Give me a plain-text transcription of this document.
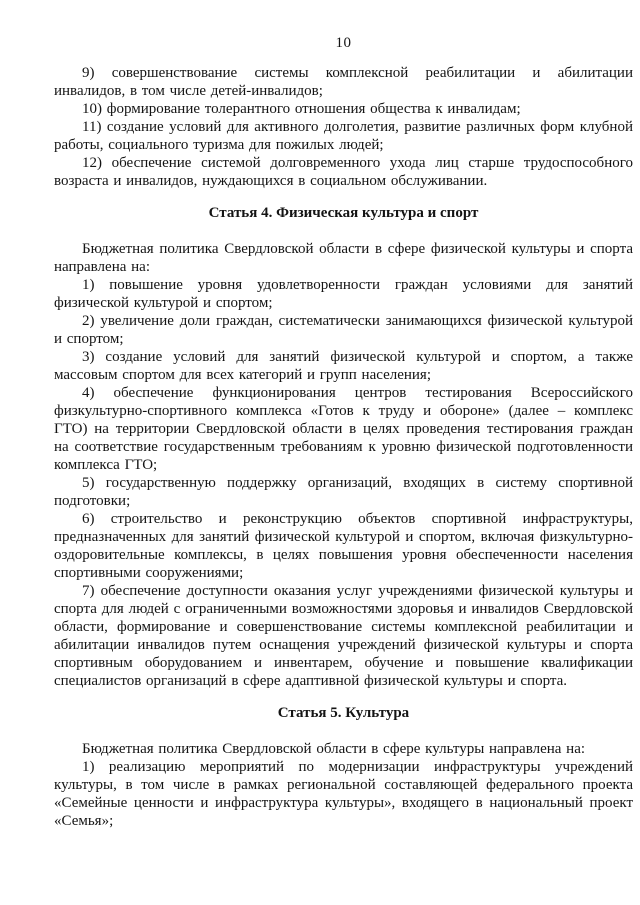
10

9) совершенствование системы комплексной реабилитации и абилитации инвалидов, в том числе детей-инвалидов;

10) формирование толерантного отношения общества к инвалидам;

11) создание условий для активного долголетия, развитие различных форм клубной работы, социального туризма для пожилых людей;

12) обеспечение системой долговременного ухода лиц старше трудоспособного возраста и инвалидов, нуждающихся в социальном обслуживании.

Статья 4. Физическая культура и спорт

Бюджетная политика Свердловской области в сфере физической культуры и спорта направлена на:

1) повышение уровня удовлетворенности граждан условиями для занятий физической культурой и спортом;

2) увеличение доли граждан, систематически занимающихся физической культурой и спортом;

3) создание условий для занятий физической культурой и спортом, а также массовым спортом для всех категорий и групп населения;

4) обеспечение функционирования центров тестирования Всероссийского физкультурно-спортивного комплекса «Готов к труду и обороне» (далее – комплекс ГТО) на территории Свердловской области в целях проведения тестирования граждан на соответствие государственным требованиям к уровню физической подготовленности комплекса ГТО;

5) государственную поддержку организаций, входящих в систему спортивной подготовки;

6) строительство и реконструкцию объектов спортивной инфраструктуры, предназначенных для занятий физической культурой и спортом, включая физкультурно-оздоровительные комплексы, в целях повышения уровня обеспеченности населения спортивными сооружениями;

7) обеспечение доступности оказания услуг учреждениями физической культуры и спорта для людей с ограниченными возможностями здоровья и инвалидов Свердловской области, формирование и совершенствование системы комплексной реабилитации и абилитации инвалидов путем оснащения учреждений физической культуры и спорта спортивным оборудованием и инвентарем, обучение и повышение квалификации специалистов организаций в сфере адаптивной физической культуры и спорта.

Статья 5. Культура

Бюджетная политика Свердловской области в сфере культуры направлена на:

1) реализацию мероприятий по модернизации инфраструктуры учреждений культуры, в том числе в рамках региональной составляющей федерального проекта «Семейные ценности и инфраструктура культуры», входящего в национальный проект «Семья»;
